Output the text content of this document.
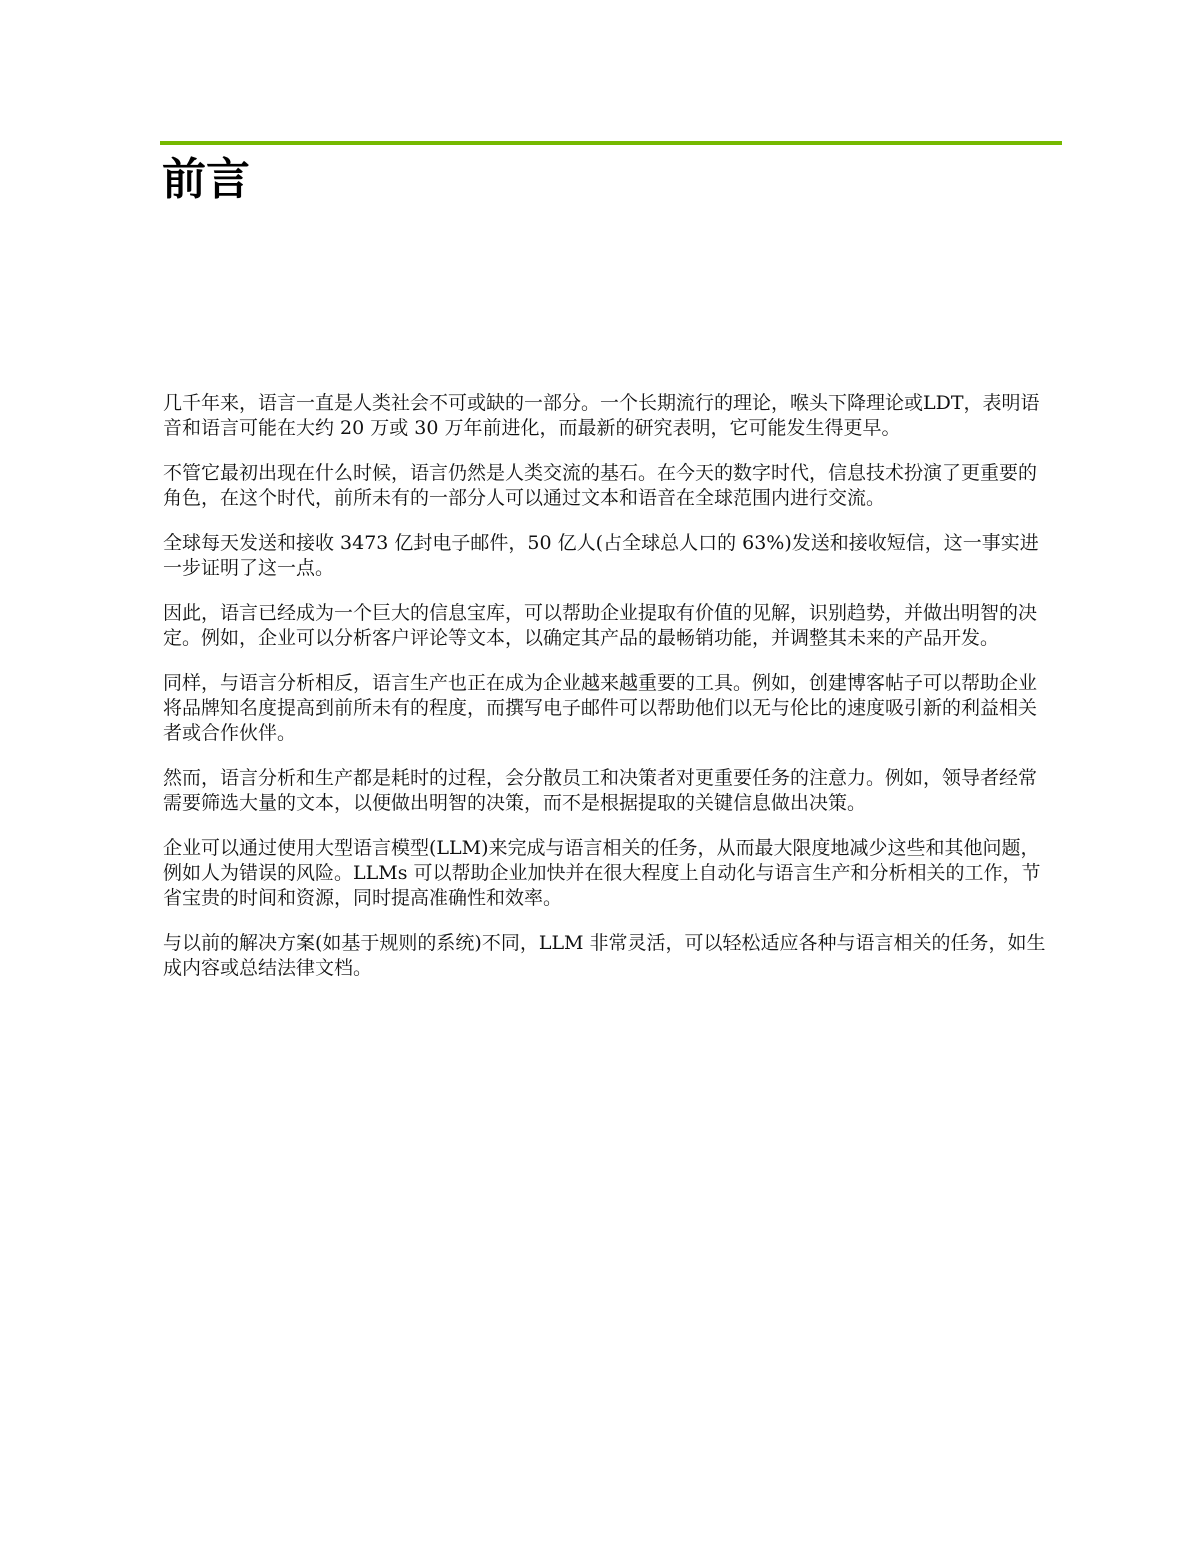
前言

几千年来，语言一直是人类社会不可或缺的一部分。一个长期流行的理论，喉头下降理论或LDT，表明语音和语言可能在大约 20 万或 30 万年前进化，而最新的研究表明，它可能发生得更早。

不管它最初出现在什么时候，语言仍然是人类交流的基石。在今天的数字时代，信息技术扮演了更重要的角色，在这个时代，前所未有的一部分人可以通过文本和语音在全球范围内进行交流。

全球每天发送和接收 3473 亿封电子邮件，50 亿人(占全球总人口的 63%)发送和接收短信，这一事实进一步证明了这一点。

因此，语言已经成为一个巨大的信息宝库，可以帮助企业提取有价值的见解，识别趋势，并做出明智的决定。例如，企业可以分析客户评论等文本，以确定其产品的最畅销功能，并调整其未来的产品开发。

同样，与语言分析相反，语言生产也正在成为企业越来越重要的工具。例如，创建博客帖子可以帮助企业将品牌知名度提高到前所未有的程度，而撰写电子邮件可以帮助他们以无与伦比的速度吸引新的利益相关者或合作伙伴。

然而，语言分析和生产都是耗时的过程，会分散员工和决策者对更重要任务的注意力。例如，领导者经常需要筛选大量的文本，以便做出明智的决策，而不是根据提取的关键信息做出决策。

企业可以通过使用大型语言模型(LLM)来完成与语言相关的任务，从而最大限度地减少这些和其他问题，例如人为错误的风险。LLMs 可以帮助企业加快并在很大程度上自动化与语言生产和分析相关的工作，节省宝贵的时间和资源，同时提高准确性和效率。

与以前的解决方案(如基于规则的系统)不同，LLM 非常灵活，可以轻松适应各种与语言相关的任务，如生成内容或总结法律文档。
